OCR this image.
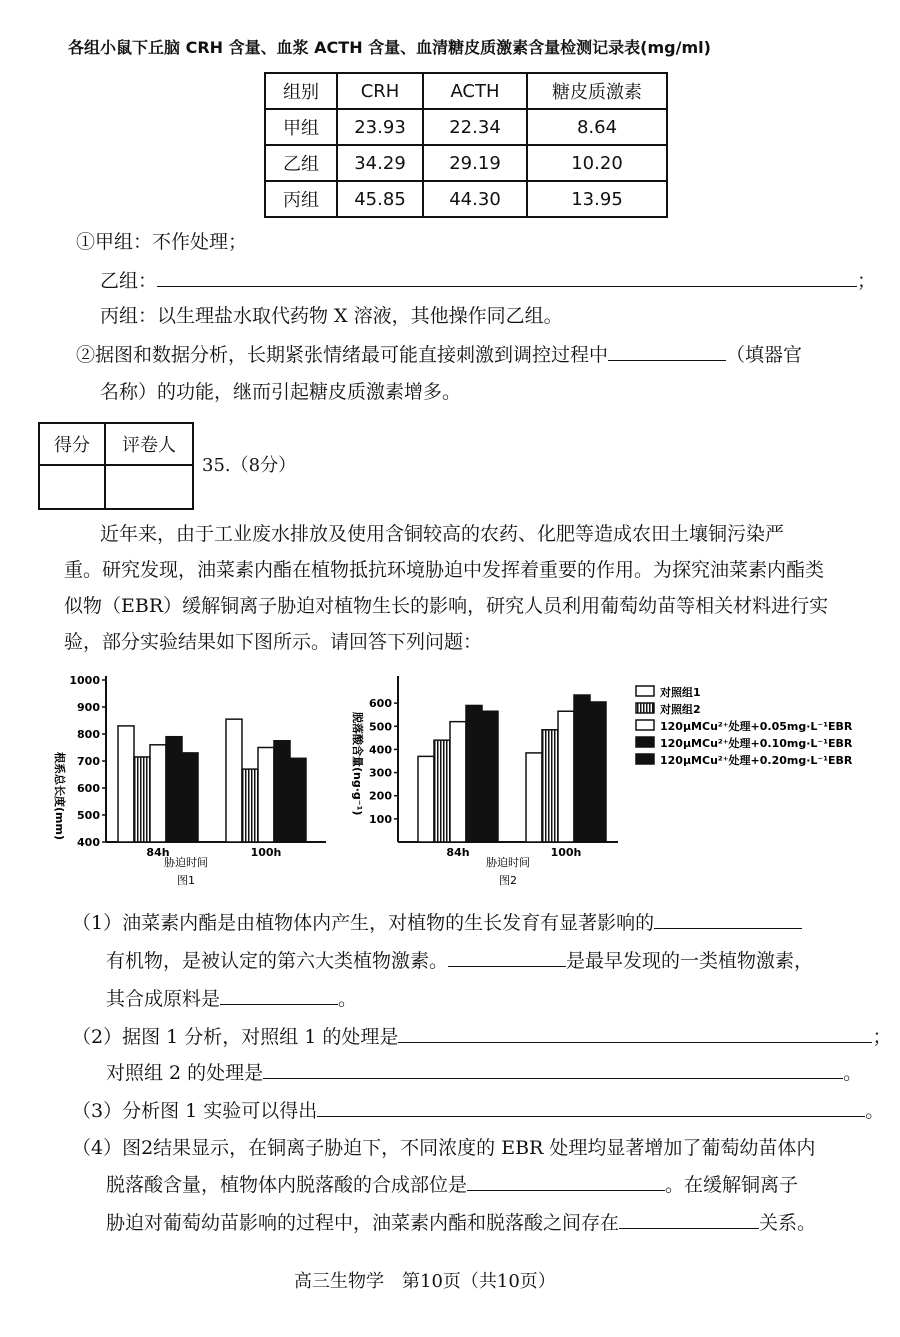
各组小鼠下丘脑 CRH 含量、血浆 ACTH 含量、血清糖皮质激素含量检测记录表(mg/ml)
组别	CRH	ACTH	糖皮质激素
甲组	23.93	22.34	8.64
乙组	34.29	29.19	10.20
丙组	45.85	44.30	13.95
①甲组：不作处理；
乙组：	；
丙组：以生理盐水取代药物 X 溶液，其他操作同乙组。
②据图和数据分析，长期紧张情绪最可能直接刺激到调控过程中	（填器官
名称）的功能，继而引起糖皮质激素增多。
得分	评卷人

35.（8分）
近年来，由于工业废水排放及使用含铜较高的农药、化肥等造成农田土壤铜污染严
重。研究发现，油菜素内酯在植物抵抗环境胁迫中发挥着重要的作用。为探究油菜素内酯类
似物（EBR）缓解铜离子胁迫对植物生长的影响，研究人员利用葡萄幼苗等相关材料进行实
验，部分实验结果如下图所示。请回答下列问题：
400
500
600
700
800
900
1000
84h	100h
根系总长度(mm)
胁迫时间
图1
100
200
300
400
500
600
84h	100h
脱落酸含量(ng·g⁻¹)
胁迫时间
图2
对照组1
对照组2
120μMCu²⁺处理+0.05mg·L⁻¹EBR
120μMCu²⁺处理+0.10mg·L⁻¹EBR
120μMCu²⁺处理+0.20mg·L⁻¹EBR
（1）油菜素内酯是由植物体内产生，对植物的生长发育有显著影响的
有机物，是被认定的第六大类植物激素。	是最早发现的一类植物激素，
其合成原料是	。
（2）据图 1 分析，对照组 1 的处理是	；
对照组 2 的处理是	。
（3）分析图 1 实验可以得出	。
（4）图2结果显示，在铜离子胁迫下，不同浓度的 EBR 处理均显著增加了葡萄幼苗体内
脱落酸含量，植物体内脱落酸的合成部位是	。在缓解铜离子
胁迫对葡萄幼苗影响的过程中，油菜素内酯和脱落酸之间存在	关系。
高三生物学　第10页（共10页）
